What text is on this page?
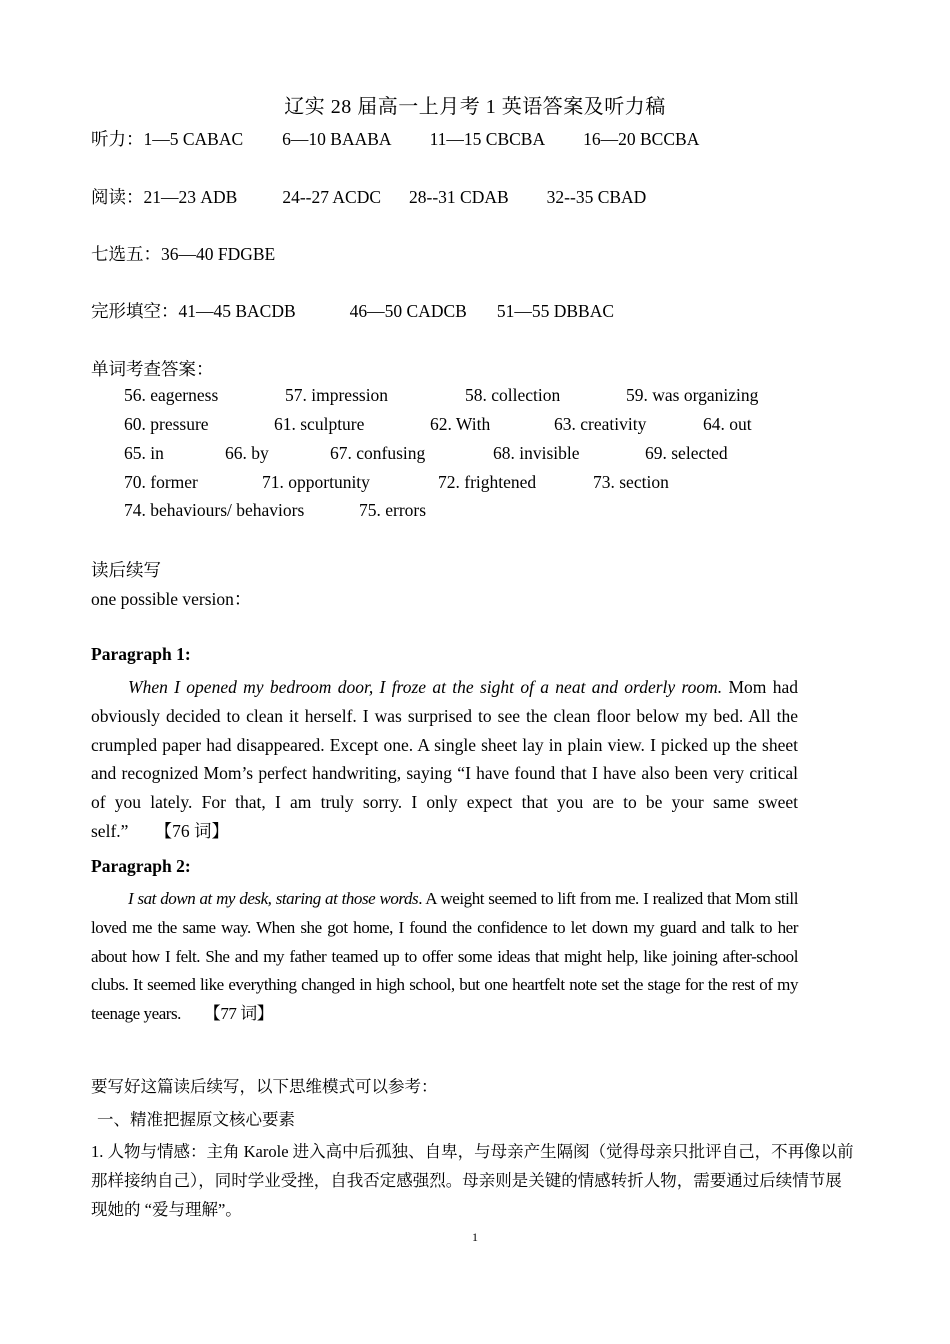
辽实 28 届高一上月考 1 英语答案及听力稿
听力：1—5 CABAC 6—10 BAABA 11—15 CBCBA 16—20 BCCBA
阅读：21—23 ADB	24--27 ACDC 28--31 CDAB 32--35 CBAD
七选五：36—40 FDGBE
完形填空：41—45 BACDB	46—50 CADCB 51—55 DBBAC
单词考查答案：
56. eagerness	57. impression	58. collection	59. was organizing
60. pressure	61. sculpture	62. With	63. creativity	64. out
65. in	66. by	67. confusing	68. invisible	69. selected
70. former	71. opportunity	72. frightened	73. section
74. behaviours/ behaviors	75. errors
读后续写
one possible version：
Paragraph 1:
When I opened my bedroom door, I froze at the sight of a neat and orderly room. Mom had obviously decided to clean it herself. I was surprised to see the clean floor below my bed. All the crumpled paper had disappeared. Except one. A single sheet lay in plain view. I picked up the sheet and recognized Mom’s perfect handwriting, saying “I have found that I have also been very critical of you lately. For that, I am truly sorry. I only expect that you are to be your same sweet self.” 【76 词】
Paragraph 2:
I sat down at my desk, staring at those words. A weight seemed to lift from me. I realized that Mom still loved me the same way. When she got home, I found the confidence to let down my guard and talk to her about how I felt. She and my father teamed up to offer some ideas that might help, like joining after-school clubs. It seemed like everything changed in high school, but one heartfelt note set the stage for the rest of my teenage years. 【77 词】
要写好这篇读后续写，以下思维模式可以参考：
一、精准把握原文核心要素
1. 人物与情感：主角 Karole 进入高中后孤独、自卑，与母亲产生隔阂（觉得母亲只批评自己，不再像以前那样接纳自己），同时学业受挫，自我否定感强烈。母亲则是关键的情感转折人物，需要通过后续情节展现她的 “爱与理解”。
1
